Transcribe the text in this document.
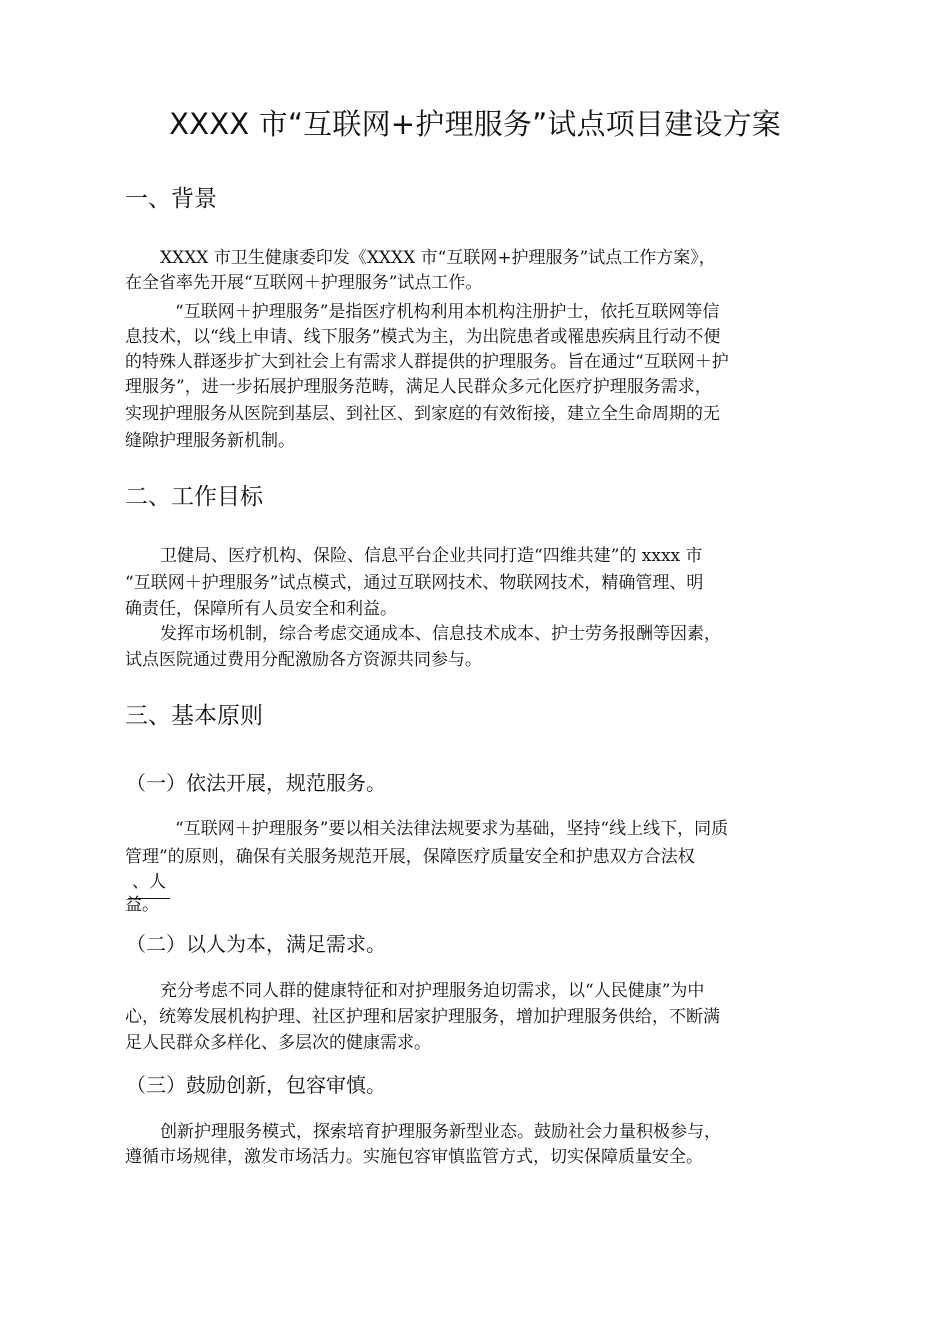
XXXX 市“互联网+护理服务”试点项目建设方案
一、背景
XXXX 市卫生健康委印发《XXXX 市“互联网+护理服务”试点工作方案》，
在全省率先开展“互联网＋护理服务”试点工作。
“互联网＋护理服务”是指医疗机构利用本机构注册护士，依托互联网等信
息技术，以“线上申请、线下服务”模式为主，为出院患者或罹患疾病且行动不便
的特殊人群逐步扩大到社会上有需求人群提供的护理服务。旨在通过“互联网＋护
理服务”，进一步拓展护理服务范畴，满足人民群众多元化医疗护理服务需求，
实现护理服务从医院到基层、到社区、到家庭的有效衔接，建立全生命周期的无
缝隙护理服务新机制。
二、工作目标
卫健局、医疗机构、保险、信息平台企业共同打造“四维共建”的 xxxx 市
“互联网＋护理服务”试点模式，通过互联网技术、物联网技术，精确管理、明
确责任，保障所有人员安全和利益。
发挥市场机制，综合考虑交通成本、信息技术成本、护士劳务报酬等因素，
试点医院通过费用分配激励各方资源共同参与。
三、基本原则
（一）依法开展，规范服务。
“互联网＋护理服务”要以相关法律法规要求为基础，坚持“线上线下，同质
管理”的原则，确保有关服务规范开展，保障医疗质量安全和护患双方合法权
、人
益。
（二）以人为本，满足需求。
充分考虑不同人群的健康特征和对护理服务迫切需求，以“人民健康”为中
心，统筹发展机构护理、社区护理和居家护理服务，增加护理服务供给，不断满
足人民群众多样化、多层次的健康需求。
（三）鼓励创新，包容审慎。
创新护理服务模式，探索培育护理服务新型业态。鼓励社会力量积极参与，
遵循市场规律，激发市场活力。实施包容审慎监管方式，切实保障质量安全。
